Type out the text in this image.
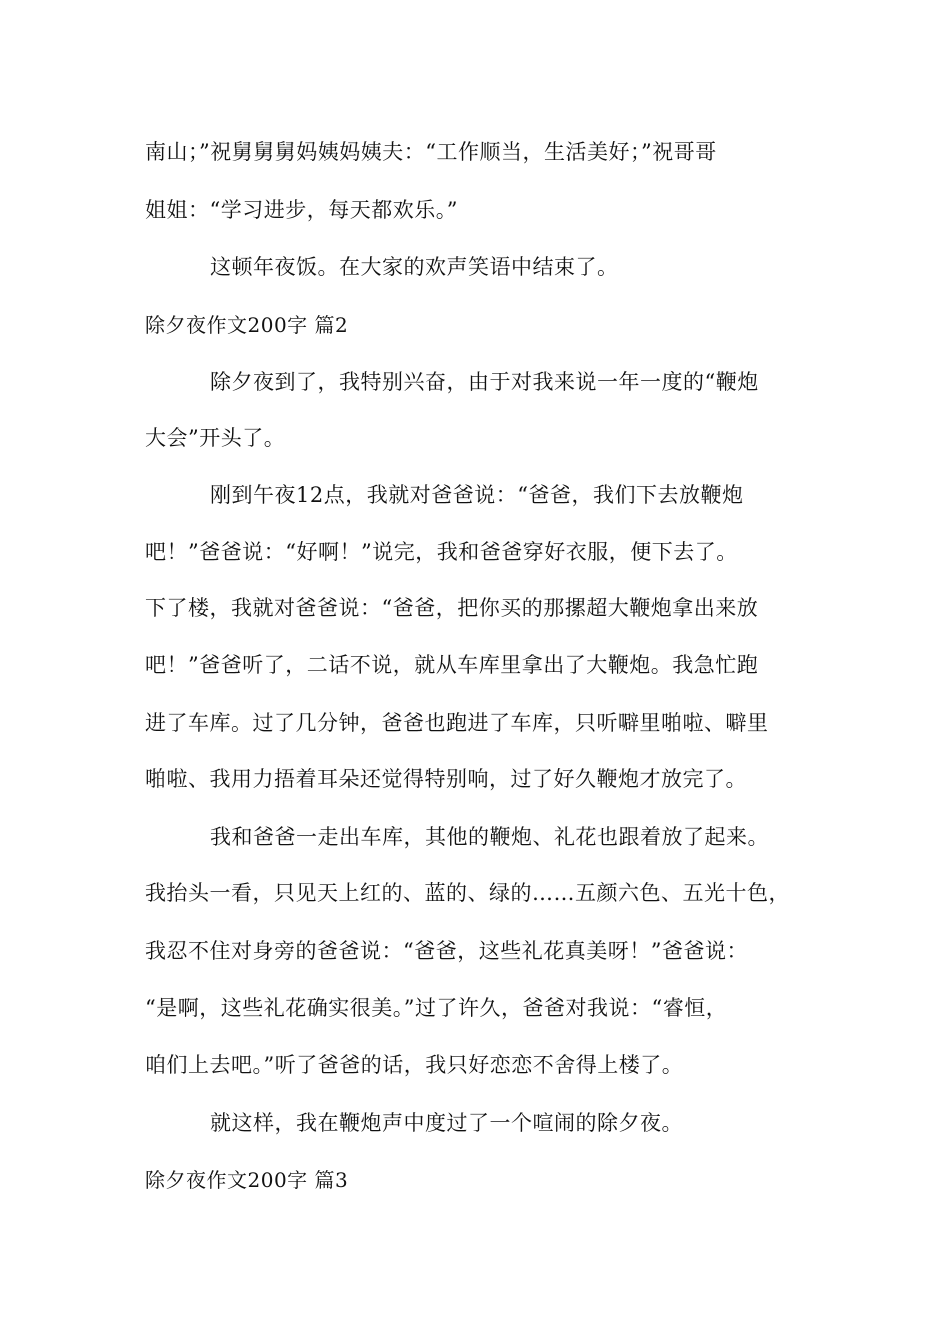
南山；”祝舅舅舅妈姨妈姨夫：“工作顺当，生活美好；”祝哥哥
姐姐：“学习进步，每天都欢乐。”
这顿年夜饭。在大家的欢声笑语中结束了。
除夕夜作文200字 篇2
除夕夜到了，我特别兴奋，由于对我来说一年一度的“鞭炮
大会”开头了。
刚到午夜12点，我就对爸爸说：“爸爸，我们下去放鞭炮
吧！”爸爸说：“好啊！”说完，我和爸爸穿好衣服，便下去了。
下了楼，我就对爸爸说：“爸爸，把你买的那摞超大鞭炮拿出来放
吧！”爸爸听了，二话不说，就从车库里拿出了大鞭炮。我急忙跑
进了车库。过了几分钟，爸爸也跑进了车库，只听噼里啪啦、噼里
啪啦、我用力捂着耳朵还觉得特别响，过了好久鞭炮才放完了。
我和爸爸一走出车库，其他的鞭炮、礼花也跟着放了起来。
我抬头一看，只见天上红的、蓝的、绿的……五颜六色、五光十色，
我忍不住对身旁的爸爸说：“爸爸，这些礼花真美呀！”爸爸说：
“是啊，这些礼花确实很美。”过了许久，爸爸对我说：“睿恒，
咱们上去吧。”听了爸爸的话，我只好恋恋不舍得上楼了。
就这样，我在鞭炮声中度过了一个喧闹的除夕夜。
除夕夜作文200字 篇3
